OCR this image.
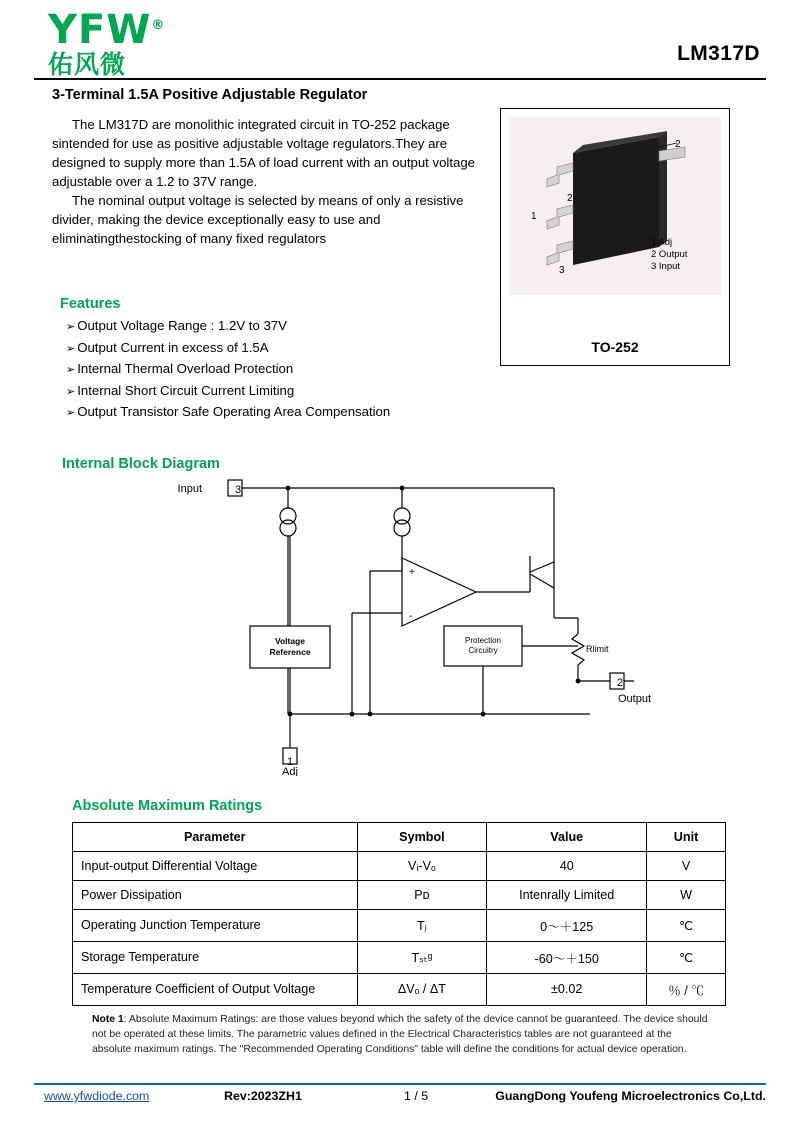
YFW ®
佑风微	LM317D
3-Terminal 1.5A Positive Adjustable Regulator

The LM317D are monolithic integrated circuit in TO-252 package sintended for use as positive adjustable voltage regulators.They are designed to supply more than 1.5A of load current with an output voltage adjustable over a 1.2 to 37V range.

The nominal output voltage is selected by means of only a resistive divider, making the device exceptionally easy to use and eliminatingthestocking of many fixed regulators

2
1
2
3
1 Adj
2 Output
3 Input
TO-252
Features
➢ Output Voltage Range : 1.2V to 37V
➢ Output Current in excess of 1.5A
➢ Internal Thermal Overload Protection
➢ Internal Short Circuit Current Limiting
➢ Output Transistor Safe Operating Area Compensation
Internal Block Diagram
Input	3
1
Adj
2
Output
Voltage
Reference
Protection
Circuitry	Rlimit
+
-
Absolute Maximum Ratings
Parameter	Symbol	Value	Unit
Input-output Differential Voltage	Vᵢ-Vₒ	40	V
Power Dissipation	Pᴅ	Intenrally Limited	W
Operating Junction Temperature	Tⱼ	0～＋125	℃
Storage Temperature	Tₛₜᵍ	-60～＋150	℃
Temperature Coefficient of Output Voltage	ΔVₒ / ΔT	±0.02	％ / ℃
Note 1: Absolute Maximum Ratings: are those values beyond which the safety of the device cannot be guaranteed. The device should not be operated at these limits. The parametric values defined in the Electrical Characteristics tables are not guaranteed at the absolute maximum ratings. The "Recommended Operating Conditions" table will define the conditions for actual device operation.
www.yfwdiode.com	Rev:2023ZH1	1 / 5	GuangDong Youfeng Microelectronics Co,Ltd.
